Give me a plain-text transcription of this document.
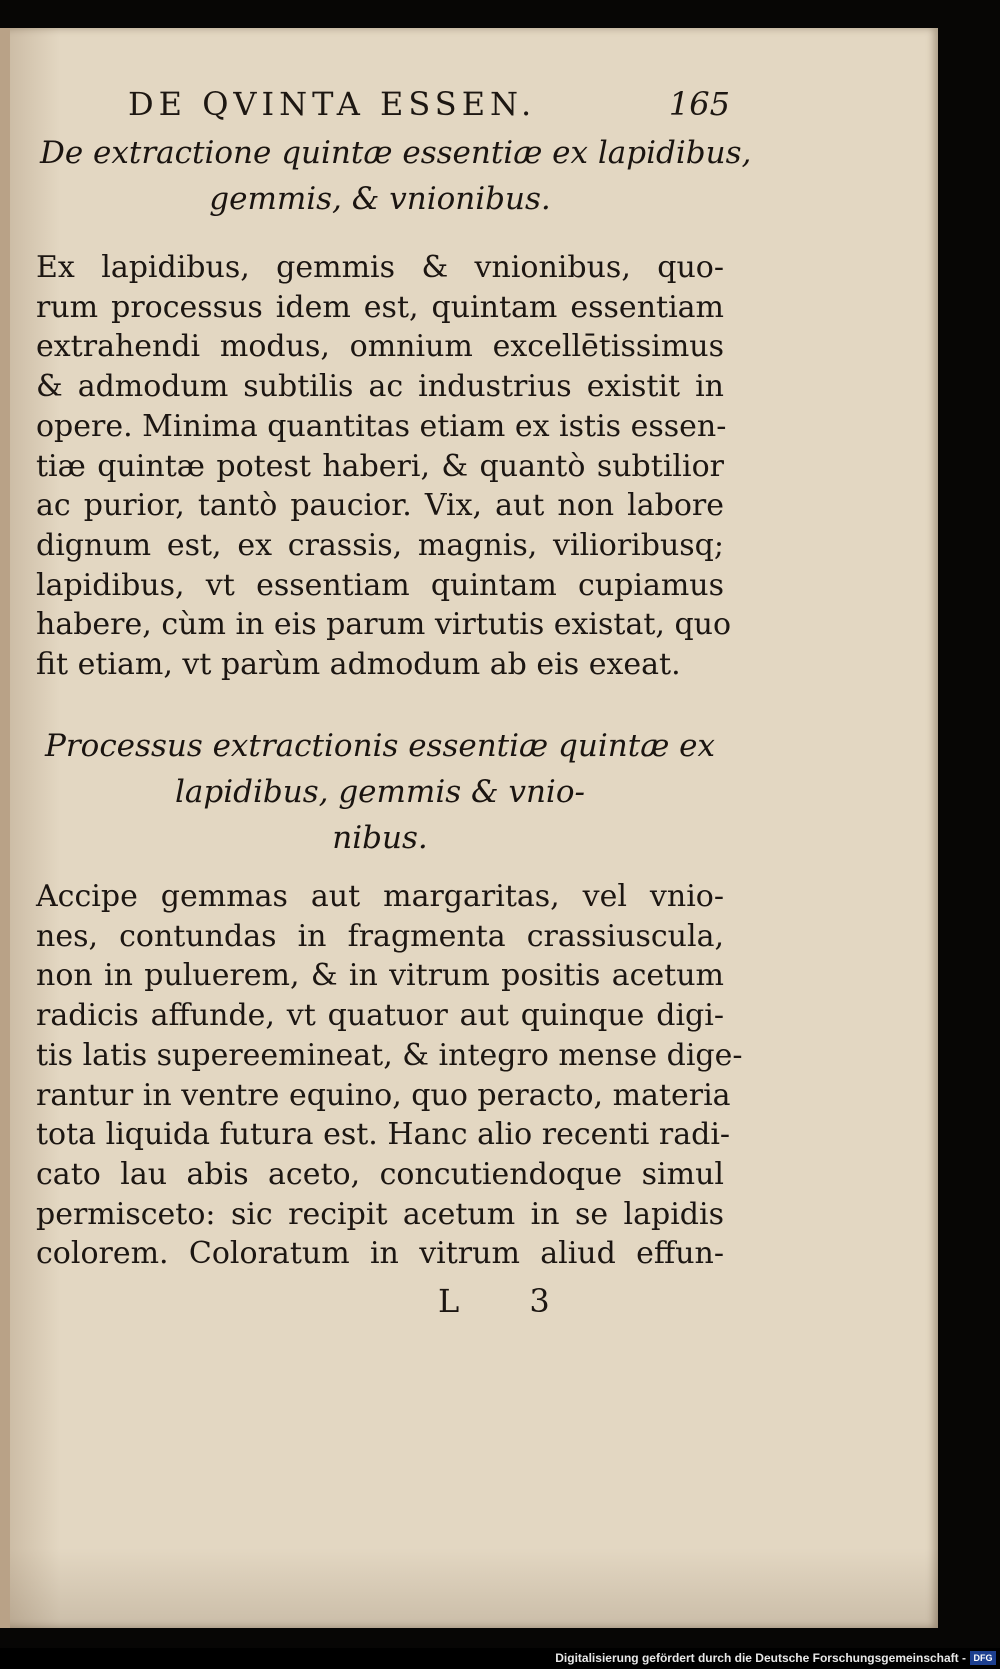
DE QVINTA ESSEN.	165
De extractione quintæ essentiæ ex lapidibus,
gemmis, & vnionibus.
Ex lapidibus, gemmis & vnionibus, quo-
rum processus idem est, quintam essentiam
extrahendi modus, omnium excellētissimus
& admodum subtilis ac industrius existit in
opere. Minima quantitas etiam ex istis essen-
tiæ quintæ potest haberi, & quantò subtilior
ac purior, tantò paucior. Vix, aut non labore
dignum est, ex crassis, magnis, vilioribusq;
lapidibus, vt essentiam quintam cupiamus
habere, cùm in eis parum virtutis existat, quo
fit etiam, vt parùm admodum ab eis exeat.
Processus extractionis essentiæ quintæ ex
lapidibus, gemmis & vnio-
nibus.
Accipe gemmas aut margaritas, vel vnio-
nes, contundas in fragmenta crassiuscula,
non in puluerem, & in vitrum positis acetum
radicis affunde, vt quatuor aut quinque digi-
tis latis supereemineat, & integro mense dige-
rantur in ventre equino, quo peracto, materia
tota liquida futura est. Hanc alio recenti radi-
cato lau abis aceto, concutiendoque simul
permisceto: sic recipit acetum in se lapidis
colorem. Coloratum in vitrum aliud effun-
L 3
Digitalisierung gefördert durch die Deutsche Forschungsgemeinschaft - DFG
